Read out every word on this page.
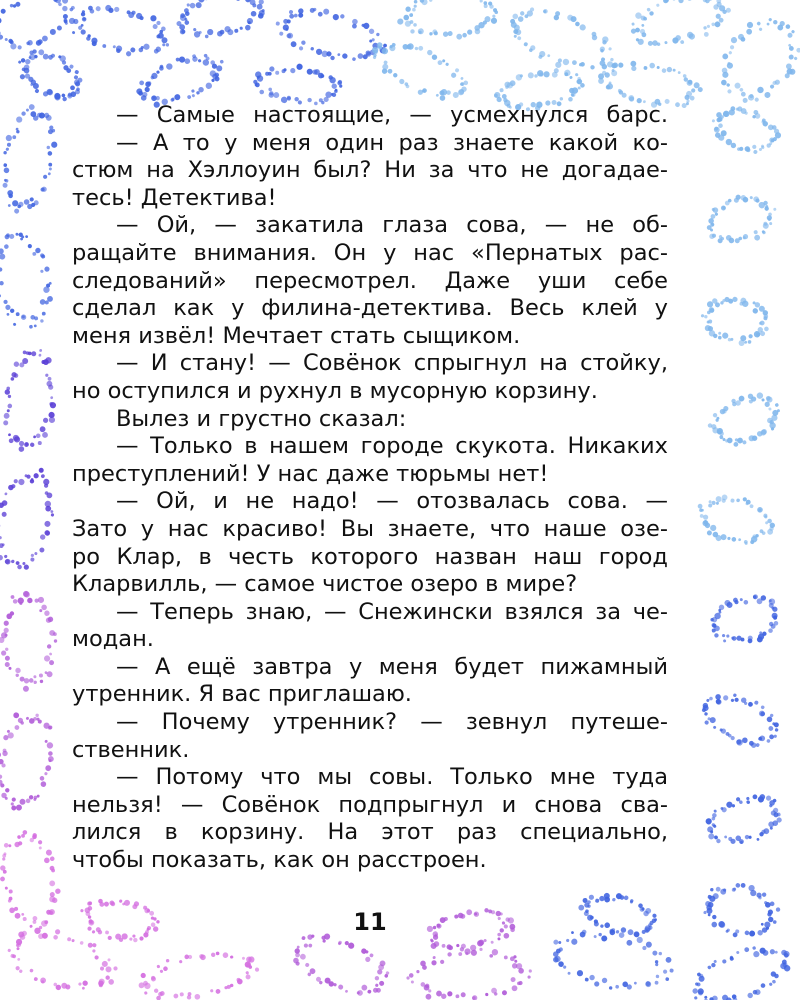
— Самые настоящие, — усмехнулся барс.
— А то у меня один раз знаете какой ко-
стюм на Хэллоуин был? Ни за что не догадае-
тесь! Детектива!
— Ой, — закатила глаза сова, — не об-
ращайте внимания. Он у нас «Пернатых рас-
следований» пересмотрел. Даже уши себе
сделал как у филина-детектива. Весь клей у
меня извёл! Мечтает стать сыщиком.
— И стану! — Совёнок спрыгнул на стойку,
но оступился и рухнул в мусорную корзину.
Вылез и грустно сказал:
— Только в нашем городе скукота. Никаких
преступлений! У нас даже тюрьмы нет!
— Ой, и не надо! — отозвалась сова. —
Зато у нас красиво! Вы знаете, что наше озе-
ро Клар, в честь которого назван наш город
Кларвилль, — самое чистое озеро в мире?
— Теперь знаю, — Снежински взялся за че-
модан.
— А ещё завтра у меня будет пижамный
утренник. Я вас приглашаю.
— Почему утренник? — зевнул путеше-
ственник.
— Потому что мы совы. Только мне туда
нельзя! — Совёнок подпрыгнул и снова сва-
лился в корзину. На этот раз специально,
чтобы показать, как он расстроен.
11
